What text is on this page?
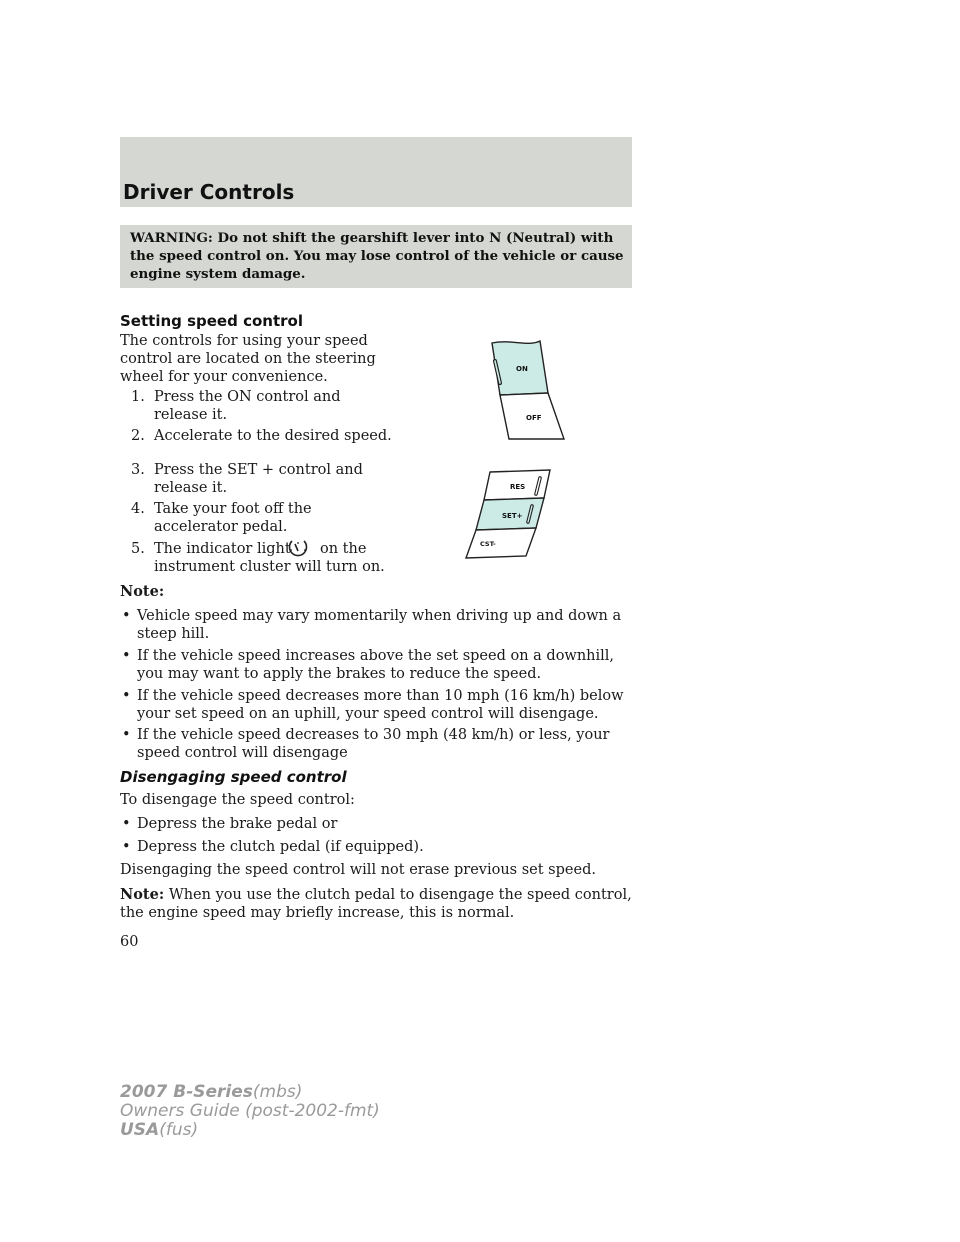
Driver Controls
WARNING: Do not shift the gearshift lever into N (Neutral) with the speed control on. You may lose control of the vehicle or cause engine system damage.
Setting speed control
The controls for using your speed control are located on the steering wheel for your convenience.
1. Press the ON control and release it.
2. Accelerate to the desired speed.
3. Press the SET + control and release it.
4. Take your foot off the accelerator pedal.
5. The indicator light on the
instrument cluster will turn on.
ON
OFF
RES
SET+
CST-
Note:
• Vehicle speed may vary momentarily when driving up and down a steep hill.
• If the vehicle speed increases above the set speed on a downhill, you may want to apply the brakes to reduce the speed.
• If the vehicle speed decreases more than 10 mph (16 km/h) below your set speed on an uphill, your speed control will disengage.
• If the vehicle speed decreases to 30 mph (48 km/h) or less, your speed control will disengage
Disengaging speed control
To disengage the speed control:
• Depress the brake pedal or
• Depress the clutch pedal (if equipped).
Disengaging the speed control will not erase previous set speed.
Note: When you use the clutch pedal to disengage the speed control, the engine speed may briefly increase, this is normal.
60
2007 B-Series(mbs)
Owners Guide (post-2002-fmt)
USA(fus)
